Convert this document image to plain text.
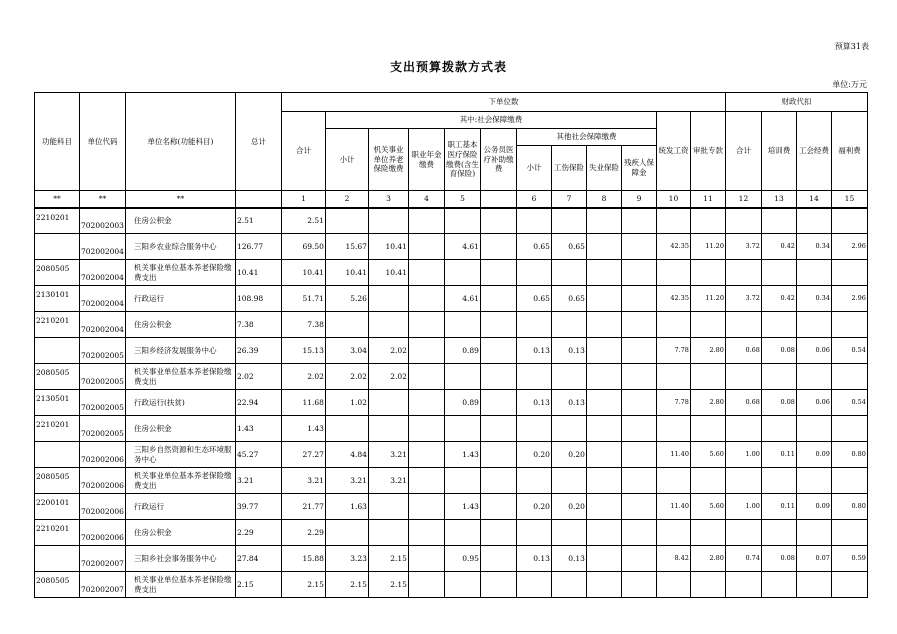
预算31表
支出预算拨款方式表
单位:万元
功能科目	单位代码	单位名称(功能科目)	总计	下单位数												财政代扣			
				合计	其中:社会保障缴费									统发工资	审批专款	合计	培训费	工会经费	福利费
					小计	机关事业单位养老保险缴费	职业年金缴费	职工基本医疗保险缴费(含生育保险)	公务员医疗补助缴费	其他社会保障缴费									
										小计	工伤保险	失业保险	残疾人保障金						
**	**	**		1	2	3	4	5		6	7	8	9	10	11	12	13	14	15
2210201	702002003	住房公积金	2.51	2.51															
	702002004	三阳乡农业综合服务中心	126.77	69.50	15.67	10.41		4.61		0.65	0.65			42.35	11.20	3.72	0.42	0.34	2.96
2080505	702002004	机关事业单位基本养老保险缴费支出	10.41	10.41	10.41	10.41													
2130101	702002004	行政运行	108.98	51.71	5.26			4.61		0.65	0.65			42.35	11.20	3.72	0.42	0.34	2.96
2210201	702002004	住房公积金	7.38	7.38															
	702002005	三阳乡经济发展服务中心	26.39	15.13	3.04	2.02		0.89		0.13	0.13			7.78	2.80	0.68	0.08	0.06	0.54
2080505	702002005	机关事业单位基本养老保险缴费支出	2.02	2.02	2.02	2.02													
2130501	702002005	行政运行(扶贫)	22.94	11.68	1.02			0.89		0.13	0.13			7.78	2.80	0.68	0.08	0.06	0.54
2210201	702002005	住房公积金	1.43	1.43															
	702002006	三阳乡自然资源和生态环境服务中心	45.27	27.27	4.84	3.21		1.43		0.20	0.20			11.40	5.60	1.00	0.11	0.09	0.80
2080505	702002006	机关事业单位基本养老保险缴费支出	3.21	3.21	3.21	3.21													
2200101	702002006	行政运行	39.77	21.77	1.63			1.43		0.20	0.20			11.40	5.60	1.00	0.11	0.09	0.80
2210201	702002006	住房公积金	2.29	2.29															
	702002007	三阳乡社会事务服务中心	27.84	15.88	3.23	2.15		0.95		0.13	0.13			8.42	2.80	0.74	0.08	0.07	0.59
2080505	702002007	机关事业单位基本养老保险缴费支出	2.15	2.15	2.15	2.15													
